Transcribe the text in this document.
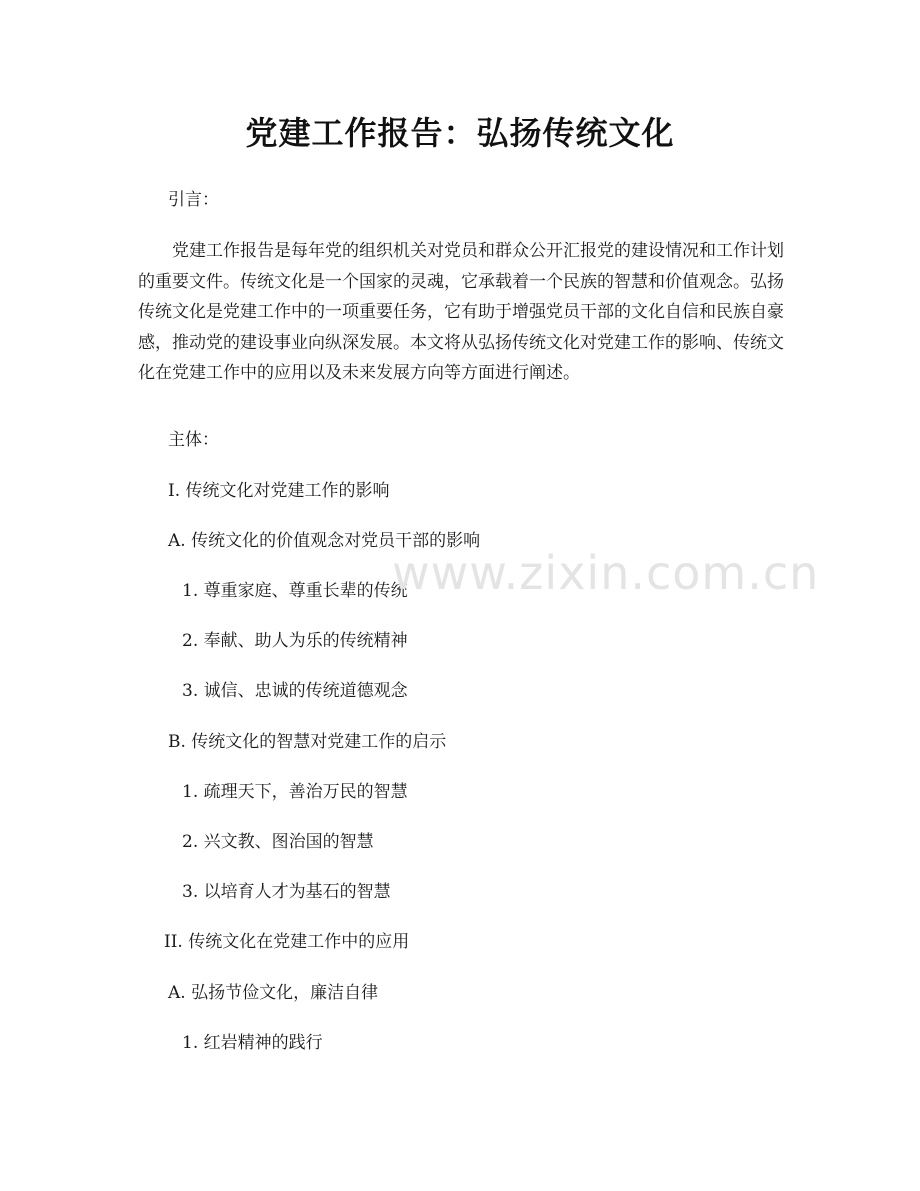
党建工作报告：弘扬传统文化
引言：
党建工作报告是每年党的组织机关对党员和群众公开汇报党的建设情况和工作计划的重要文件。传统文化是一个国家的灵魂，它承载着一个民族的智慧和价值观念。弘扬传统文化是党建工作中的一项重要任务，它有助于增强党员干部的文化自信和民族自豪感，推动党的建设事业向纵深发展。本文将从弘扬传统文化对党建工作的影响、传统文化在党建工作中的应用以及未来发展方向等方面进行阐述。
主体：
I. 传统文化对党建工作的影响
A. 传统文化的价值观念对党员干部的影响
1. 尊重家庭、尊重长辈的传统
2. 奉献、助人为乐的传统精神
3. 诚信、忠诚的传统道德观念
B. 传统文化的智慧对党建工作的启示
1. 疏理天下，善治万民的智慧
2. 兴文教、图治国的智慧
3. 以培育人才为基石的智慧
II. 传统文化在党建工作中的应用
A. 弘扬节俭文化，廉洁自律
1. 红岩精神的践行
www.zixin.com.cn
